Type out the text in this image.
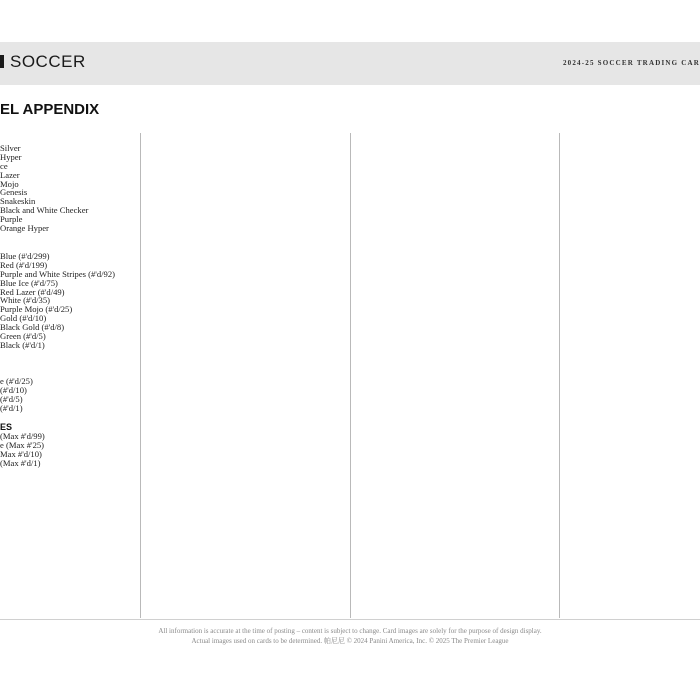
SOCCER	2024-25 SOCCER TRADING CAR
EL APPENDIX
Silver
Hyper
ce
Lazer
Mojo
Genesis
Snakeskin
Black and White Checker
Purple
Orange Hyper
Blue (#'d/299)
Red (#'d/199)
Purple and White Stripes (#'d/92)
Blue Ice (#'d/75)
Red Lazer (#'d/49)
White (#'d/35)
Purple Mojo (#'d/25)
Gold (#'d/10)
Black Gold (#'d/8)
Green (#'d/5)
Black (#'d/1)
e (#'d/25)
(#'d/10)
(#'d/5)
(#'d/1)
ES
(Max #'d/99)
e (Max #'25)
Max #'d/10)
(Max #'d/1)
All information is accurate at the time of posting – content is subject to change. Card images are solely for the purpose of design display.
Actual images used on cards to be determined. 帕尼尼 © 2024 Panini America, Inc. © 2025 The Premier League
